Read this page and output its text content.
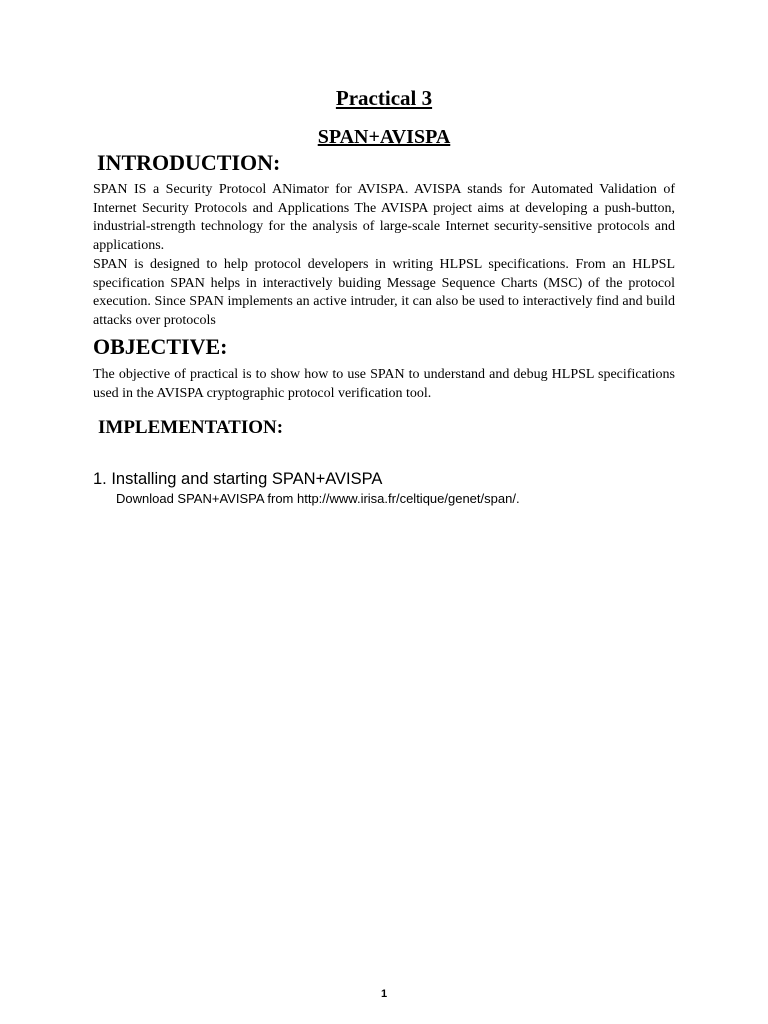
Practical 3
SPAN+AVISPA
INTRODUCTION:

SPAN IS a Security Protocol ANimator for AVISPA. AVISPA stands for Automated Validation of Internet Security Protocols and Applications The AVISPA project aims at developing a push-button, industrial-strength technology for the analysis of large-scale Internet security-sensitive protocols and applications.

SPAN is designed to help protocol developers in writing HLPSL specifications. From an HLPSL specification SPAN helps in interactively buiding Message Sequence Charts (MSC) of the protocol execution. Since SPAN implements an active intruder, it can also be used to interactively find and build attacks over protocols

OBJECTIVE:

The objective of practical is to show how to use SPAN to understand and debug HLPSL specifications used in the AVISPA cryptographic protocol verification tool.

IMPLEMENTATION:

1. Installing and starting SPAN+AVISPA

Download SPAN+AVISPA from http://www.irisa.fr/celtique/genet/span/.

1
